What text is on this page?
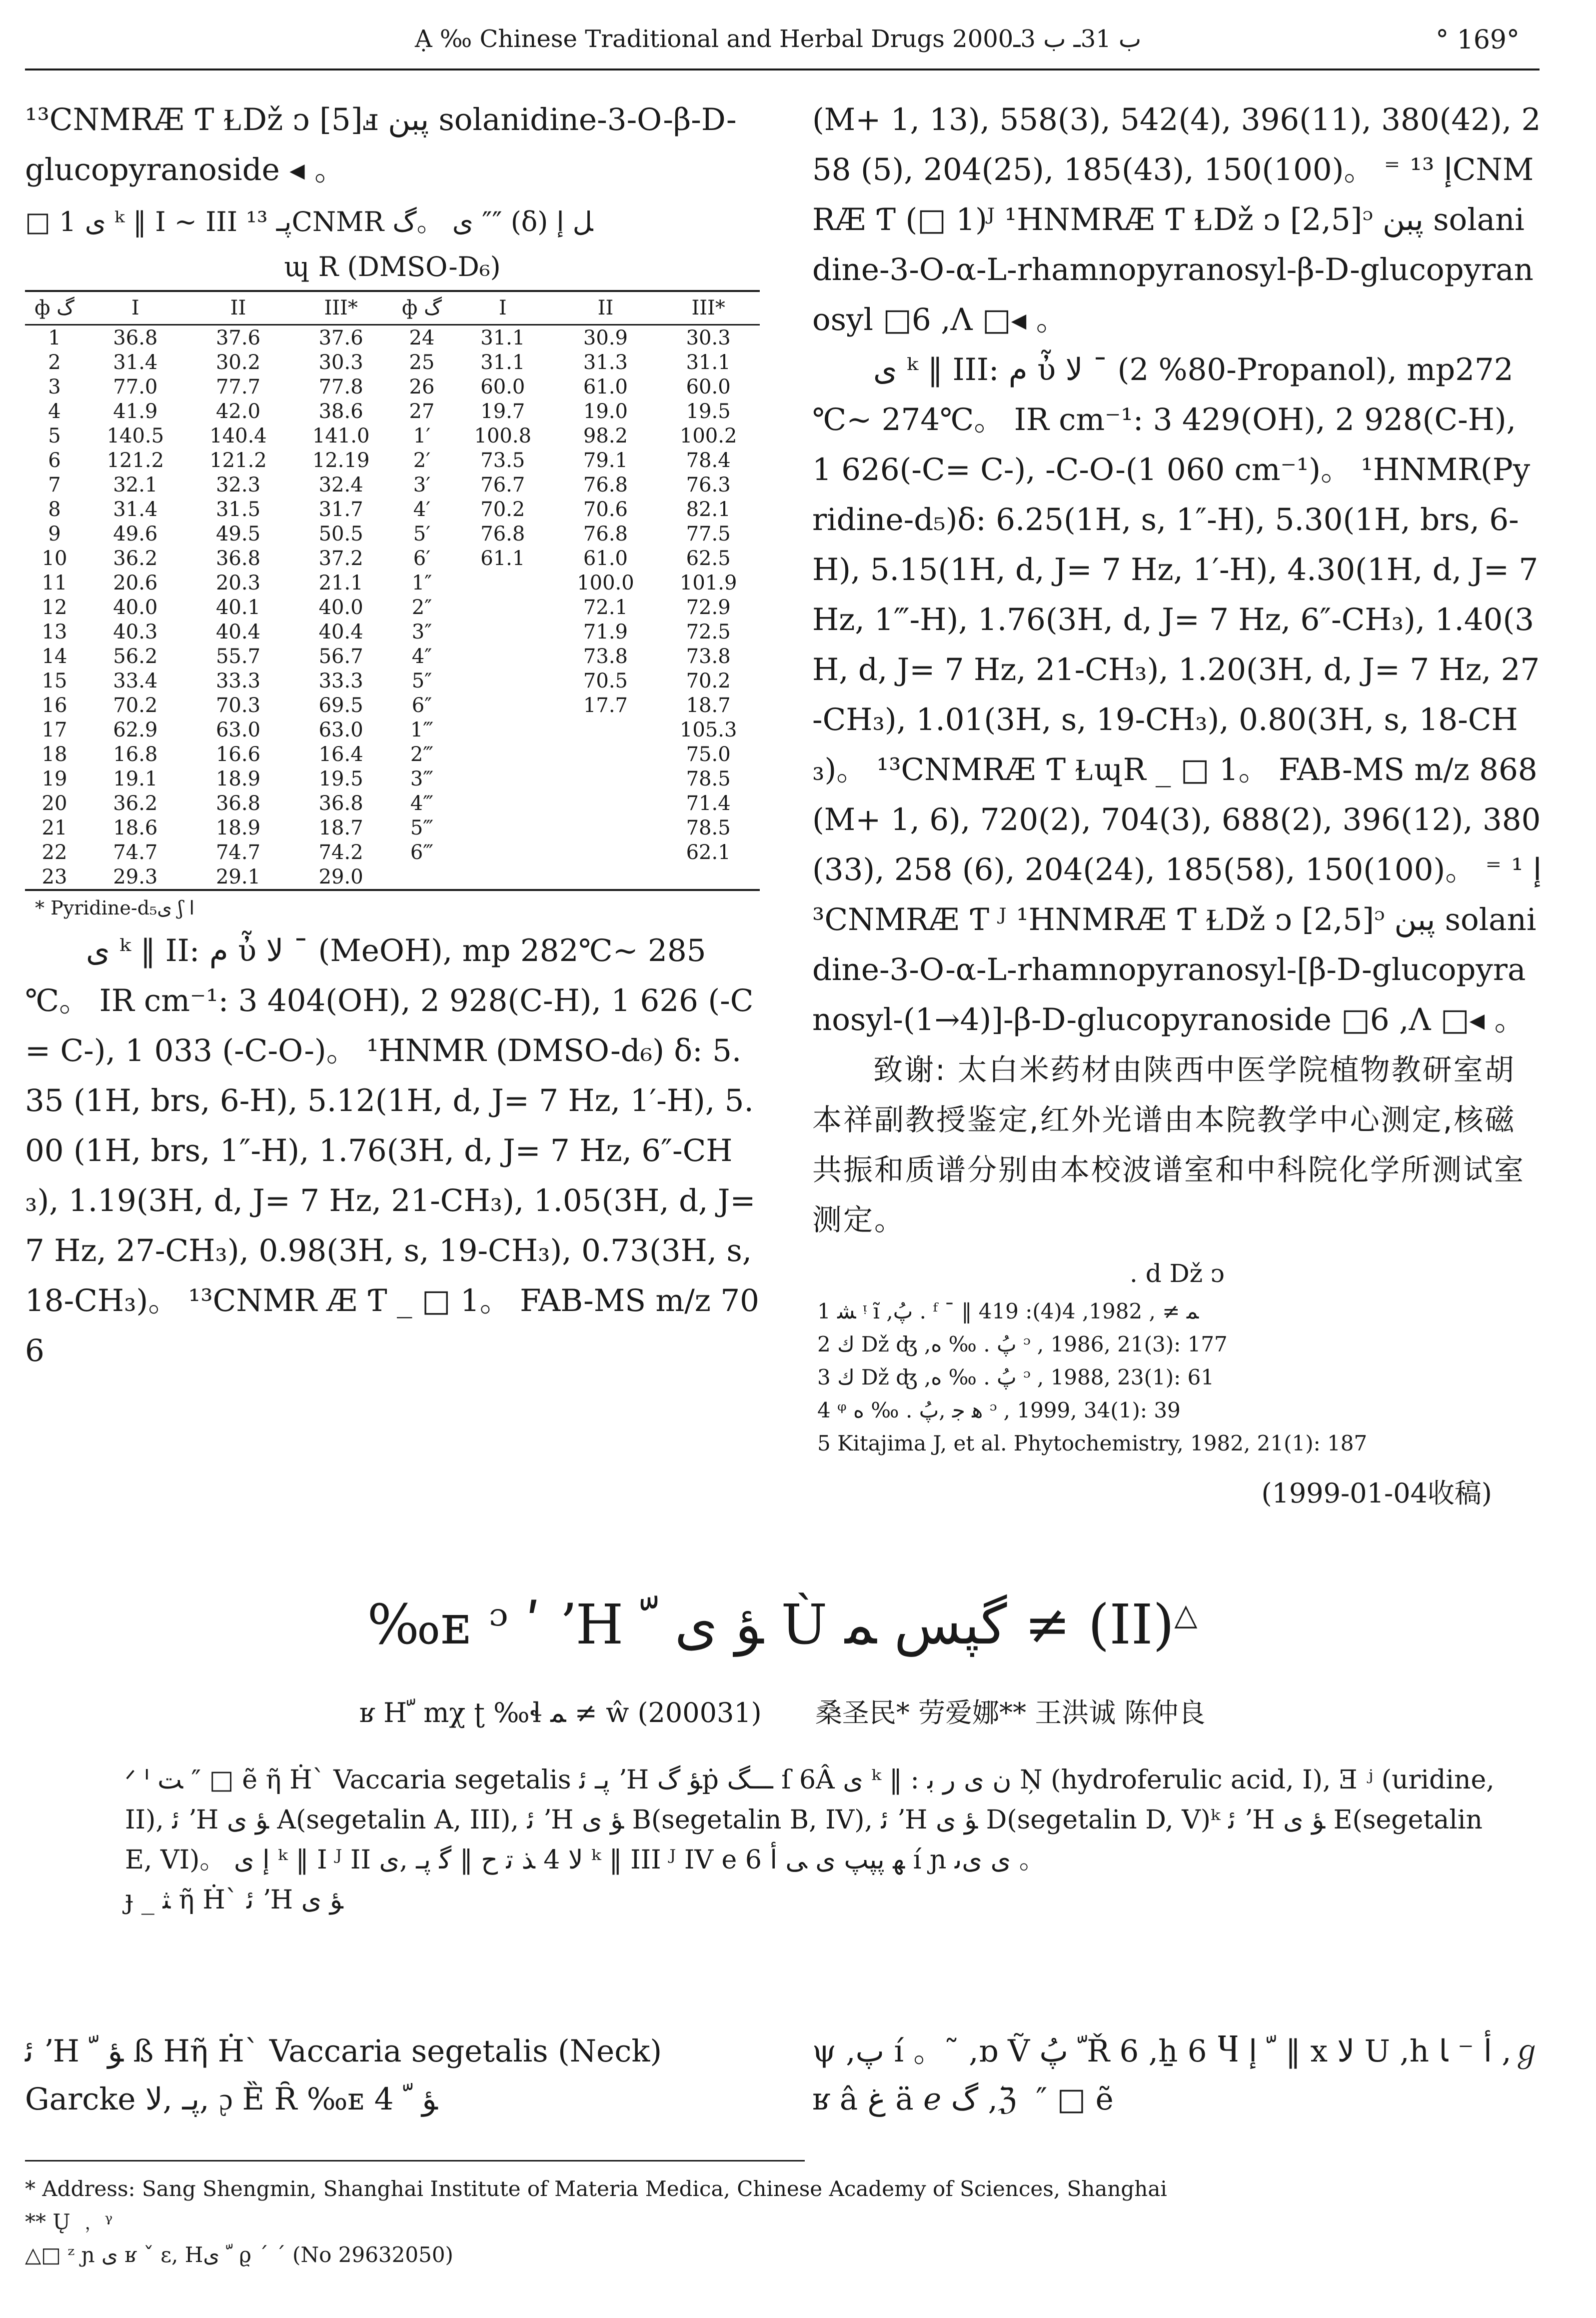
Ạ ‰ Chinese Traditional and Herbal Drugs 2000ب 31ـ ب 3ـ	° 169°

¹³CNMRÆ Ƭ Ɫǅ ᴐ [5]ⅎ پبن solanidine-3-O-β-D-

glucopyranoside ◂ 。

□ 1 ﻯ ᵏ ‖ I ~ III پـ ¹³CNMR ﻯ 。گ ″″ (δ) ﻞ ﺇ
ɰ R (DMSO-D₆)
ф گ	I	II	III*	ф گ	I	II	III*
1	36.8	37.6	37.6	24	31.1	30.9	30.3
2	31.4	30.2	30.3	25	31.1	31.3	31.1
3	77.0	77.7	77.8	26	60.0	61.0	60.0
4	41.9	42.0	38.6	27	19.7	19.0	19.5
5	140.5	140.4	141.0	1′	100.8	98.2	100.2
6	121.2	121.2	12.19	2′	73.5	79.1	78.4
7	32.1	32.3	32.4	3′	76.7	76.8	76.3
8	31.4	31.5	31.7	4′	70.2	70.6	82.1
9	49.6	49.5	50.5	5′	76.8	76.8	77.5
10	36.2	36.8	37.2	6′	61.1	61.0	62.5
11	20.6	20.3	21.1	1″		100.0	101.9
12	40.0	40.1	40.0	2″		72.1	72.9
13	40.3	40.4	40.4	3″		71.9	72.5
14	56.2	55.7	56.7	4″		73.8	73.8
15	33.4	33.3	33.3	5″		70.5	70.2
16	70.2	70.3	69.5	6″		17.7	18.7
17	62.9	63.0	63.0	1‴			105.3
18	16.8	16.6	16.4	2‴			75.0
19	19.1	18.9	19.5	3‴			78.5
20	36.2	36.8	36.8	4‴			71.4
21	18.6	18.9	18.7	5‴			78.5
22	74.7	74.7	74.2	6‴			62.1
23	29.3	29.1	29.0				
* Pyridine-d₅ﻯ ʃ ﺍ

ﻯ ᵏ ‖ II: ﻡ ὖ ﻻ ˉ (MeOH), mp 282℃~ 285 ℃。 IR cm⁻¹: 3 404(OH), 2 928(C-H), 1 626 (-C= C-), 1 033 (-C-O-)。 ¹HNMR (DMSO-d₆) δ: 5.35 (1H, brs, 6-H), 5.12(1H, d, J= 7 Hz, 1′-H), 5.00 (1H, brs, 1″-H), 1.76(3H, d, J= 7 Hz, 6″-CH₃), 1.19(3H, d, J= 7 Hz, 21-CH₃), 1.05(3H, d, J= 7 Hz, 27-CH₃), 0.98(3H, s, 19-CH₃), 0.73(3H, s, 18-CH₃)。 ¹³CNMR Æ Ƭ _ □ 1。 FAB-MS m/z 706

(M+ 1, 13), 558(3), 542(4), 396(11), 380(42), 258 (5), 204(25), 185(43), 150(100)。 ⁼ ﺇ ¹³CNMRÆ Ƭ (□ 1)ᴶ ¹HNMRÆ Ƭ Ɫǅ ᴐ [2,5]ᵓ پبن solanidine-3-O-α-L-rhamnopyranosyl-β-D-glucopyranosyl □6 ,Λ □◂ 。

ﻯ ᵏ ‖ III: ﻡ ὖ ﻻ ˉ (80% 2-Propanol), mp272 ℃~ 274℃。 IR cm⁻¹: 3 429(OH), 2 928(C-H), 1 626(-C= C-), -C-O-(1 060 cm⁻¹)。 ¹HNMR(Pyridine-d₅)δ: 6.25(1H, s, 1″-H), 5.30(1H, brs, 6-H), 5.15(1H, d, J= 7 Hz, 1′-H), 4.30(1H, d, J= 7 Hz, 1‴-H), 1.76(3H, d, J= 7 Hz, 6″-CH₃), 1.40(3H, d, J= 7 Hz, 21-CH₃), 1.20(3H, d, J= 7 Hz, 27-CH₃), 1.01(3H, s, 19-CH₃), 0.80(3H, s, 18-CH₃)。 ¹³CNMRÆ Ƭ ⱢɰR _ □ 1。 FAB-MS m/z 868(M+ 1, 6), 720(2), 704(3), 688(2), 396(12), 380(33), 258 (6), 204(24), 185(58), 150(100)。 ⁼ ﺇ ¹³CNMRÆ Ƭ ᴶ ¹HNMRÆ Ƭ Ɫǅ ᴐ [2,5]ᵓ پبن solanidine-3-O-α-L-rhamnopyranosyl-[β-D-glucopyranosyl-(1→4)]-β-D-glucopyranoside □6 ,Λ □◂ 。

致谢: 太白米药材由陕西中医学院植物教研室胡本祥副教授鉴定,红外光谱由本院教学中心测定,核磁共振和质谱分别由本校波谱室和中科院化学所测试室测定。

. d ǅ ᴐ

1 ﺸ ᵎ ĩ ,پُ . ᶠ ¯ ‖ ﻤ ≠ , 1982, 4(4): 419

2 ﻙ ǅ ʤ ,پُ . ‰ ﻩ ᵓ , 1986, 21(3): 177

3 ﻙ ǅ ʤ ,پُ . ‰ ﻩ ᵓ , 1988, 23(1): 61

4 ᵠ ﻫ ﺟ ,پُ . ‰ ﻩ ᵓ , 1999, 34(1): 39

5 Kitajima J, et al. Phytochemistry, 1982, 21(1): 187

(1999-01-04收稿)
‰ᴇ ᵓ ʹ ʼH ﺆ ﻯ ﹼ Ù گپس ﻤ ≠ (II)△
ʁ Hﹼ mχ ʈ ‰ɬ ﻤ ≠ ŵ (200031) 桑圣民* 劳爱娜** 王洪诚 陈仲良

ᐟ ᑊ ﺖ ″ □ ẽ ῆ Ḣ` Vaccaria segetalis پـ ﺋ ʼH ﺆ گṗ ـــگ ſ 6Â ﻯ ᵏ ‖ : ﻥ ﻯ ﺭ ﺑ Ņ (hydroferulic acid, I), Ǝ ʲ (uridine, II), ﺋ ʼH ﺆ ﻯ A(segetalin A, III), ﺋ ʼH ﺆ ﻯ B(segetalin B, IV), ﺋ ʼH ﺆ ﻯ D(segetalin D, V)ᵏ ﺋ ʼH ﺆ ﻯ E(segetalin E, VI)。 ﺇ ﻯ ᵏ ‖ I ᴶ II ﻻ 4 ﺬ ﺗ ﺡ ‖ ﮔ پـ ,ﻯ ᵏ ‖ III ᴶ IV e 6 ﻬ پپپ ﻯ ﻰ ﺃ í ɲ ﻯ ﻯﯨ 。

ɟ _ ﺜ ῆ Ḣ` ﺋ ʼH ﺆ ﻯ

ﺋ ʼH ﺆ ﹼ ß Hῆ Ḣ` Vaccaria segetalis (Neck) Garcke پـ ,ﻻ, ᶗ Ȅ Ȓ ‰ᴇ ﺆ ﹼ 4
ψ ,پ í 。˜ ,ɒ Ṽ ﹼ پُŘ 6 ,ẖ 6 Ⴗ ﹼ ﺇ ‖ x ﻻ U ,h ﺃ ⁻ ﺎ ,ℊ ʁ â ﻍ ä ℯ گ ,ℨ  ″ □ ẽ

* Address: Sang Shengmin, Shanghai Institute of Materia Medica, Chinese Academy of Sciences, Shanghai

** Ų ﹐ ᵞ

△□ ᶻ ɲ ﻯ ʁ ˇ ε, Hﹼ ﻯ ϱ ˊ ˊ (No 29632050)
